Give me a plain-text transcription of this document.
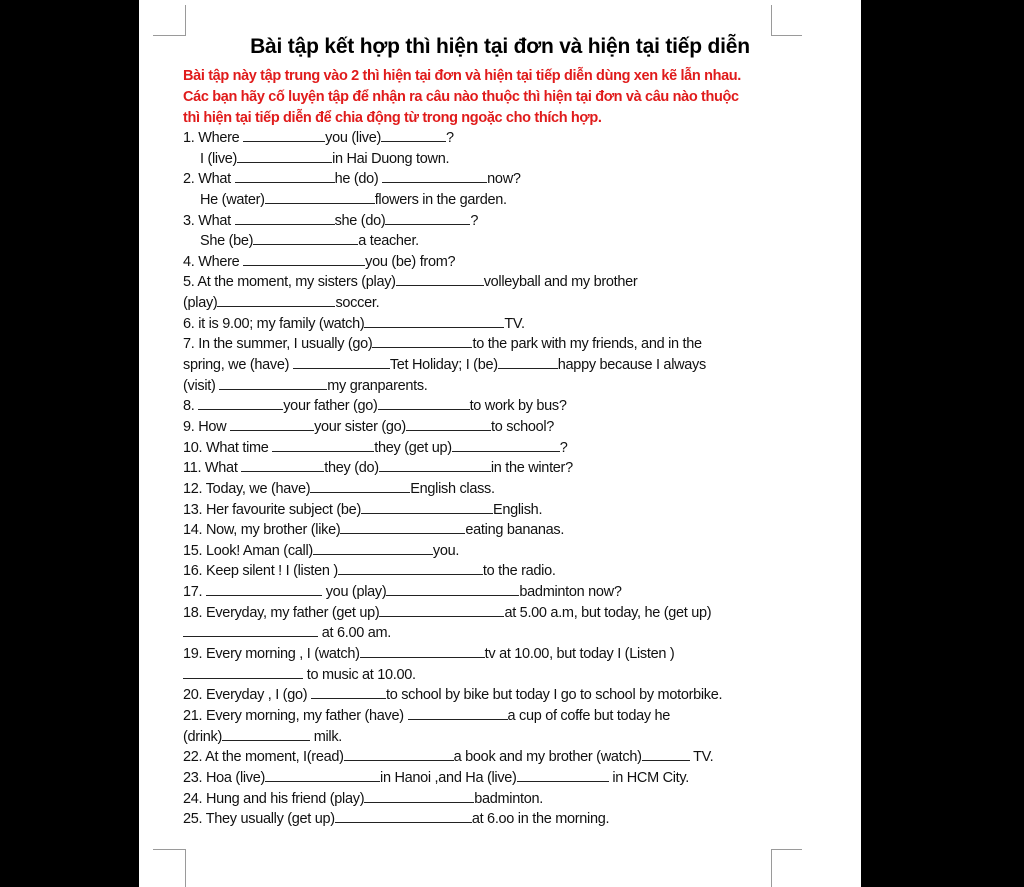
Bài tập kết hợp thì hiện tại đơn và hiện tại tiếp diễn
Bài tập này tập trung vào 2 thì hiện tại đơn và hiện tại tiếp diễn dùng xen kẽ lẫn nhau.
Các bạn hãy cố luyện tập để nhận ra câu nào thuộc thì hiện tại đơn và câu nào thuộc
thì hiện tại tiếp diễn để chia động từ trong ngoặc cho thích hợp.
1. Where	you (live)	?
I (live)	in Hai Duong town.
2. What	he (do)	now?
He (water)	flowers in the garden.
3. What	she (do)	?
She (be)	a teacher.
4. Where	you (be) from?
5. At the moment, my sisters (play)	volleyball and my brother
(play)	soccer.
6. it is 9.00; my family (watch)	TV.
7. In the summer, I usually (go)	to the park with my friends, and in the
spring, we (have)	Tet Holiday; I (be)	happy because I always
(visit)	my granparents.
8.	your father (go)	to work by bus?
9. How	your sister (go)	to school?
10. What time	they (get up)	?
11. What	they (do)	in the winter?
12. Today, we (have)	English class.
13. Her favourite subject (be)	English.
14. Now, my brother (like)	eating bananas.
15. Look! Aman (call)	you.
16. Keep silent ! I (listen )	to the radio.
17.	you (play)	badminton now?
18. Everyday, my father (get up)	at 5.00 a.m, but today, he (get up)
at 6.00 am.
19. Every morning , I (watch)	tv at 10.00, but today I (Listen )
to music at 10.00.
20. Everyday , I (go)	to school by bike but today I go to school by motorbike.
21. Every morning, my father (have)	a cup of coffe but today he
(drink)	milk.
22. At the moment, I(read)	a book and my brother (watch)	TV.
23. Hoa (live)	in Hanoi ,and Ha (live)	in HCM City.
24. Hung and his friend (play)	badminton.
25. They usually (get up)	at 6.oo in the morning.
